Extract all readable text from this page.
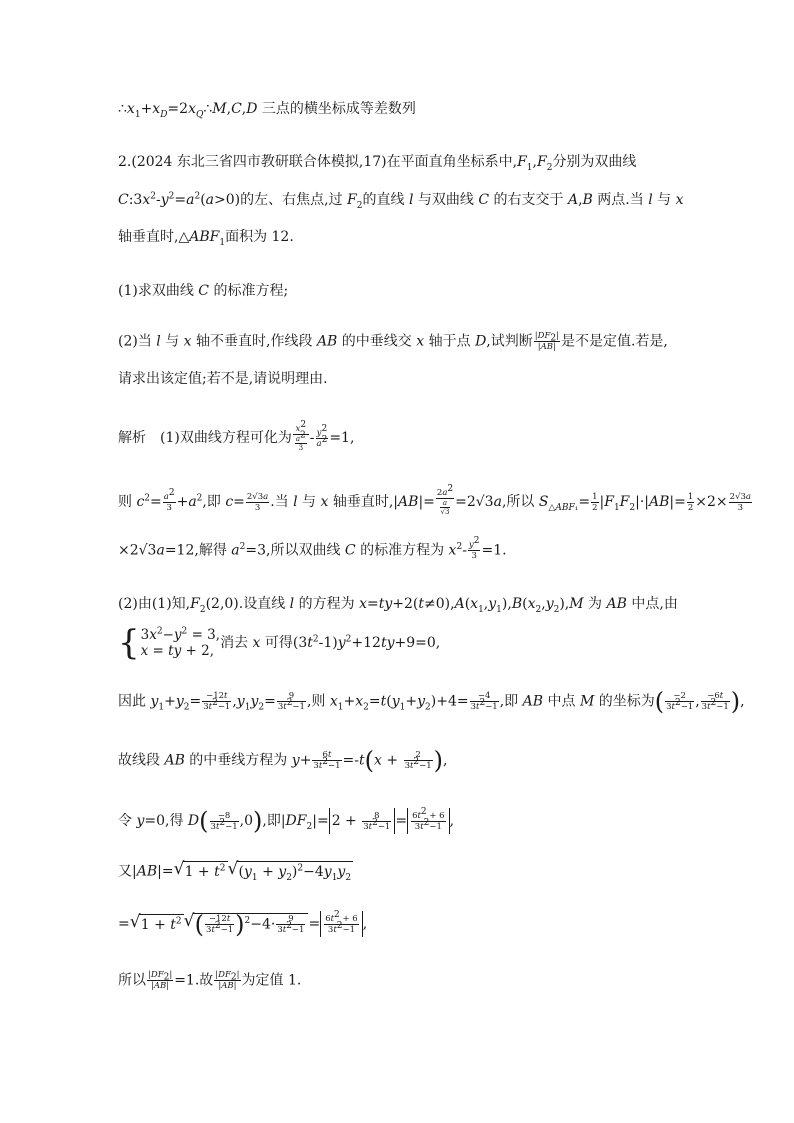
$\therefore x_1+x_D=2x_Q\therefore M,C,D$ 三点的横坐标成等差数列
2.(2024 东北三省四市教研联合体模拟,17)在平面直角坐标系中$,F_1,F_2$分别为双曲线
$C:3x^2-y^2=a^2(a>0)$的左、右焦点,过 $F_2$的直线 l 与双曲线 C 的右支交于 A,B 两点.当 l 与 x
轴垂直时$,\triangle ABF_1$面积为 12.
(1)求双曲线 C 的标准方程;
(2)当 l 与 x 轴不垂直时,作线段 AB 的中垂线交 x 轴于点 D,试判断 $\frac{|DF_2|}{|AB|}$ 是不是定值.若是,
请求出该定值;若不是,请说明理由.
解析　(1)双曲线方程可化为 $\frac{x^2}{\frac{a^2}{3}} - \frac{y^2}{a^2} =1$,
则 $c^2= \frac{a^2}{3} +a^2$,即 $c= \frac{2√3a}{3}$ .当 l 与 x 轴垂直时$,|AB|= \frac{2a^2}{\frac{a}{√3}} =2√3a$,所以 $S_{\triangle ABF_1}= \frac{1}{2} |F_1F_2|\cdot|AB|= \frac{1}{2} \times 2\times \frac{2√3a}{3}$
×2√3a=12,解得 $a^2=3$,所以双曲线 C 的标准方程为 $x^2- \frac{y^2}{3} =1$.
(2)由(1)知$,F_2(2,0)$.设直线 l 的方程为 $x=ty+2(t\ne 0),A(x_1,y_1),B(x_2,y_2),M$ 为 AB 中点,由
{$3x^2-y^2 = 3$,
x = ty + 2, 消去 x 可得$(3t^2-1)y^2+12ty+9=0$,
因此 $y_1+y_2= \frac{-12t}{3t^2-1} ,y_1y_2= \frac{9}{3t^2-1}$ ,则 $x_1+x_2=t(y_1+y_2)+4= \frac{-4}{3t^2-1}$ ,即 AB 中点 M 的坐标为( $\frac{-2}{3t^2-1}$ , $\frac{-6t}{3t^2-1}$ ),
故线段 AB 的中垂线方程为 $y+ \frac{6t}{3t^2-1} =-t(x + \frac{2}{3t^2-1}$ ),
令 y=0,得 $D( \frac{-8}{3t^2-1} ,0)$,即$|DF_2|= 2 + \frac{8}{3t^2-1} = \frac{6t^2 + 6}{3t^2-1}$ ,
又|AB|=√ $1 + t^2√$ $(y_1 + y_2)^2-4y_1y_2$
=√ $1 + t^2√$ ( $\frac{-12t}{3t^2-1} )^2-4\cdot \frac{9}{3t^2-1} = \frac{6t^2 + 6}{3t^2-1}$ ,
所以 $\frac{|DF_2|}{|AB|} =1$.故 $\frac{|DF_2|}{|AB|}$ 为定值 1.
